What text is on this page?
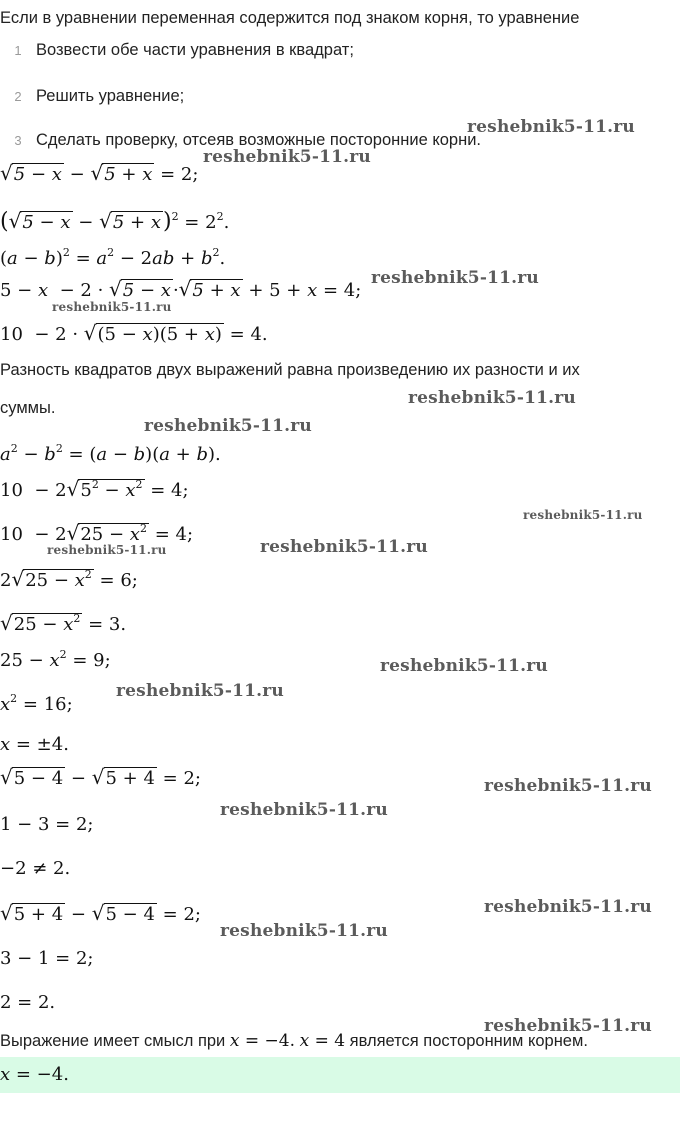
Если в уравнении переменная содержится под знаком корня, то уравнение
1 Возвести обе части уравнения в квадрат;
2 Решить уравнение;
3 Сделать проверку, отсеяв возможные посторонние корни.
√5 − x − √5 + x = 2;
$(√5 - x - √5 + x)^2 = 2^2$.
$(a - b)^2 = a^2 - 2ab + b^2$.
5 − x  − 2 · √5 − x ·√5 + x + 5 + x = 4;
10  − 2 · √(5 − x)(5 + x) = 4.
Разность квадратов двух выражений равна произведению их разности и их
суммы.
$a^2 - b^2 = (a - b)(a + b)$.
$10 - 2√5^2 - x^2 = 4$;
$10 - 2√25 - x^2 = 4$;
$2√25 - x^2 = 6$;
$√25 - x^2 = 3$.
$25 - x^2 = 9$;
$x^2 = 16$;
x = ±4.
√5 − 4 − √5 + 4 = 2;
1 − 3 = 2;
−2 ≠ 2.
√5 + 4 − √5 − 4 = 2;
3 − 1 = 2;
2 = 2.
Выражение имеет смысл при x = −4. x = 4 является посторонним корнем.
x = −4.
reshebnik5-11.ru
reshebnik5-11.ru
reshebnik5-11.ru
reshebnik5-11.ru
reshebnik5-11.ru
reshebnik5-11.ru
reshebnik5-11.ru
reshebnik5-11.ru
reshebnik5-11.ru
reshebnik5-11.ru
reshebnik5-11.ru
reshebnik5-11.ru
reshebnik5-11.ru
reshebnik5-11.ru
reshebnik5-11.ru
reshebnik5-11.ru
